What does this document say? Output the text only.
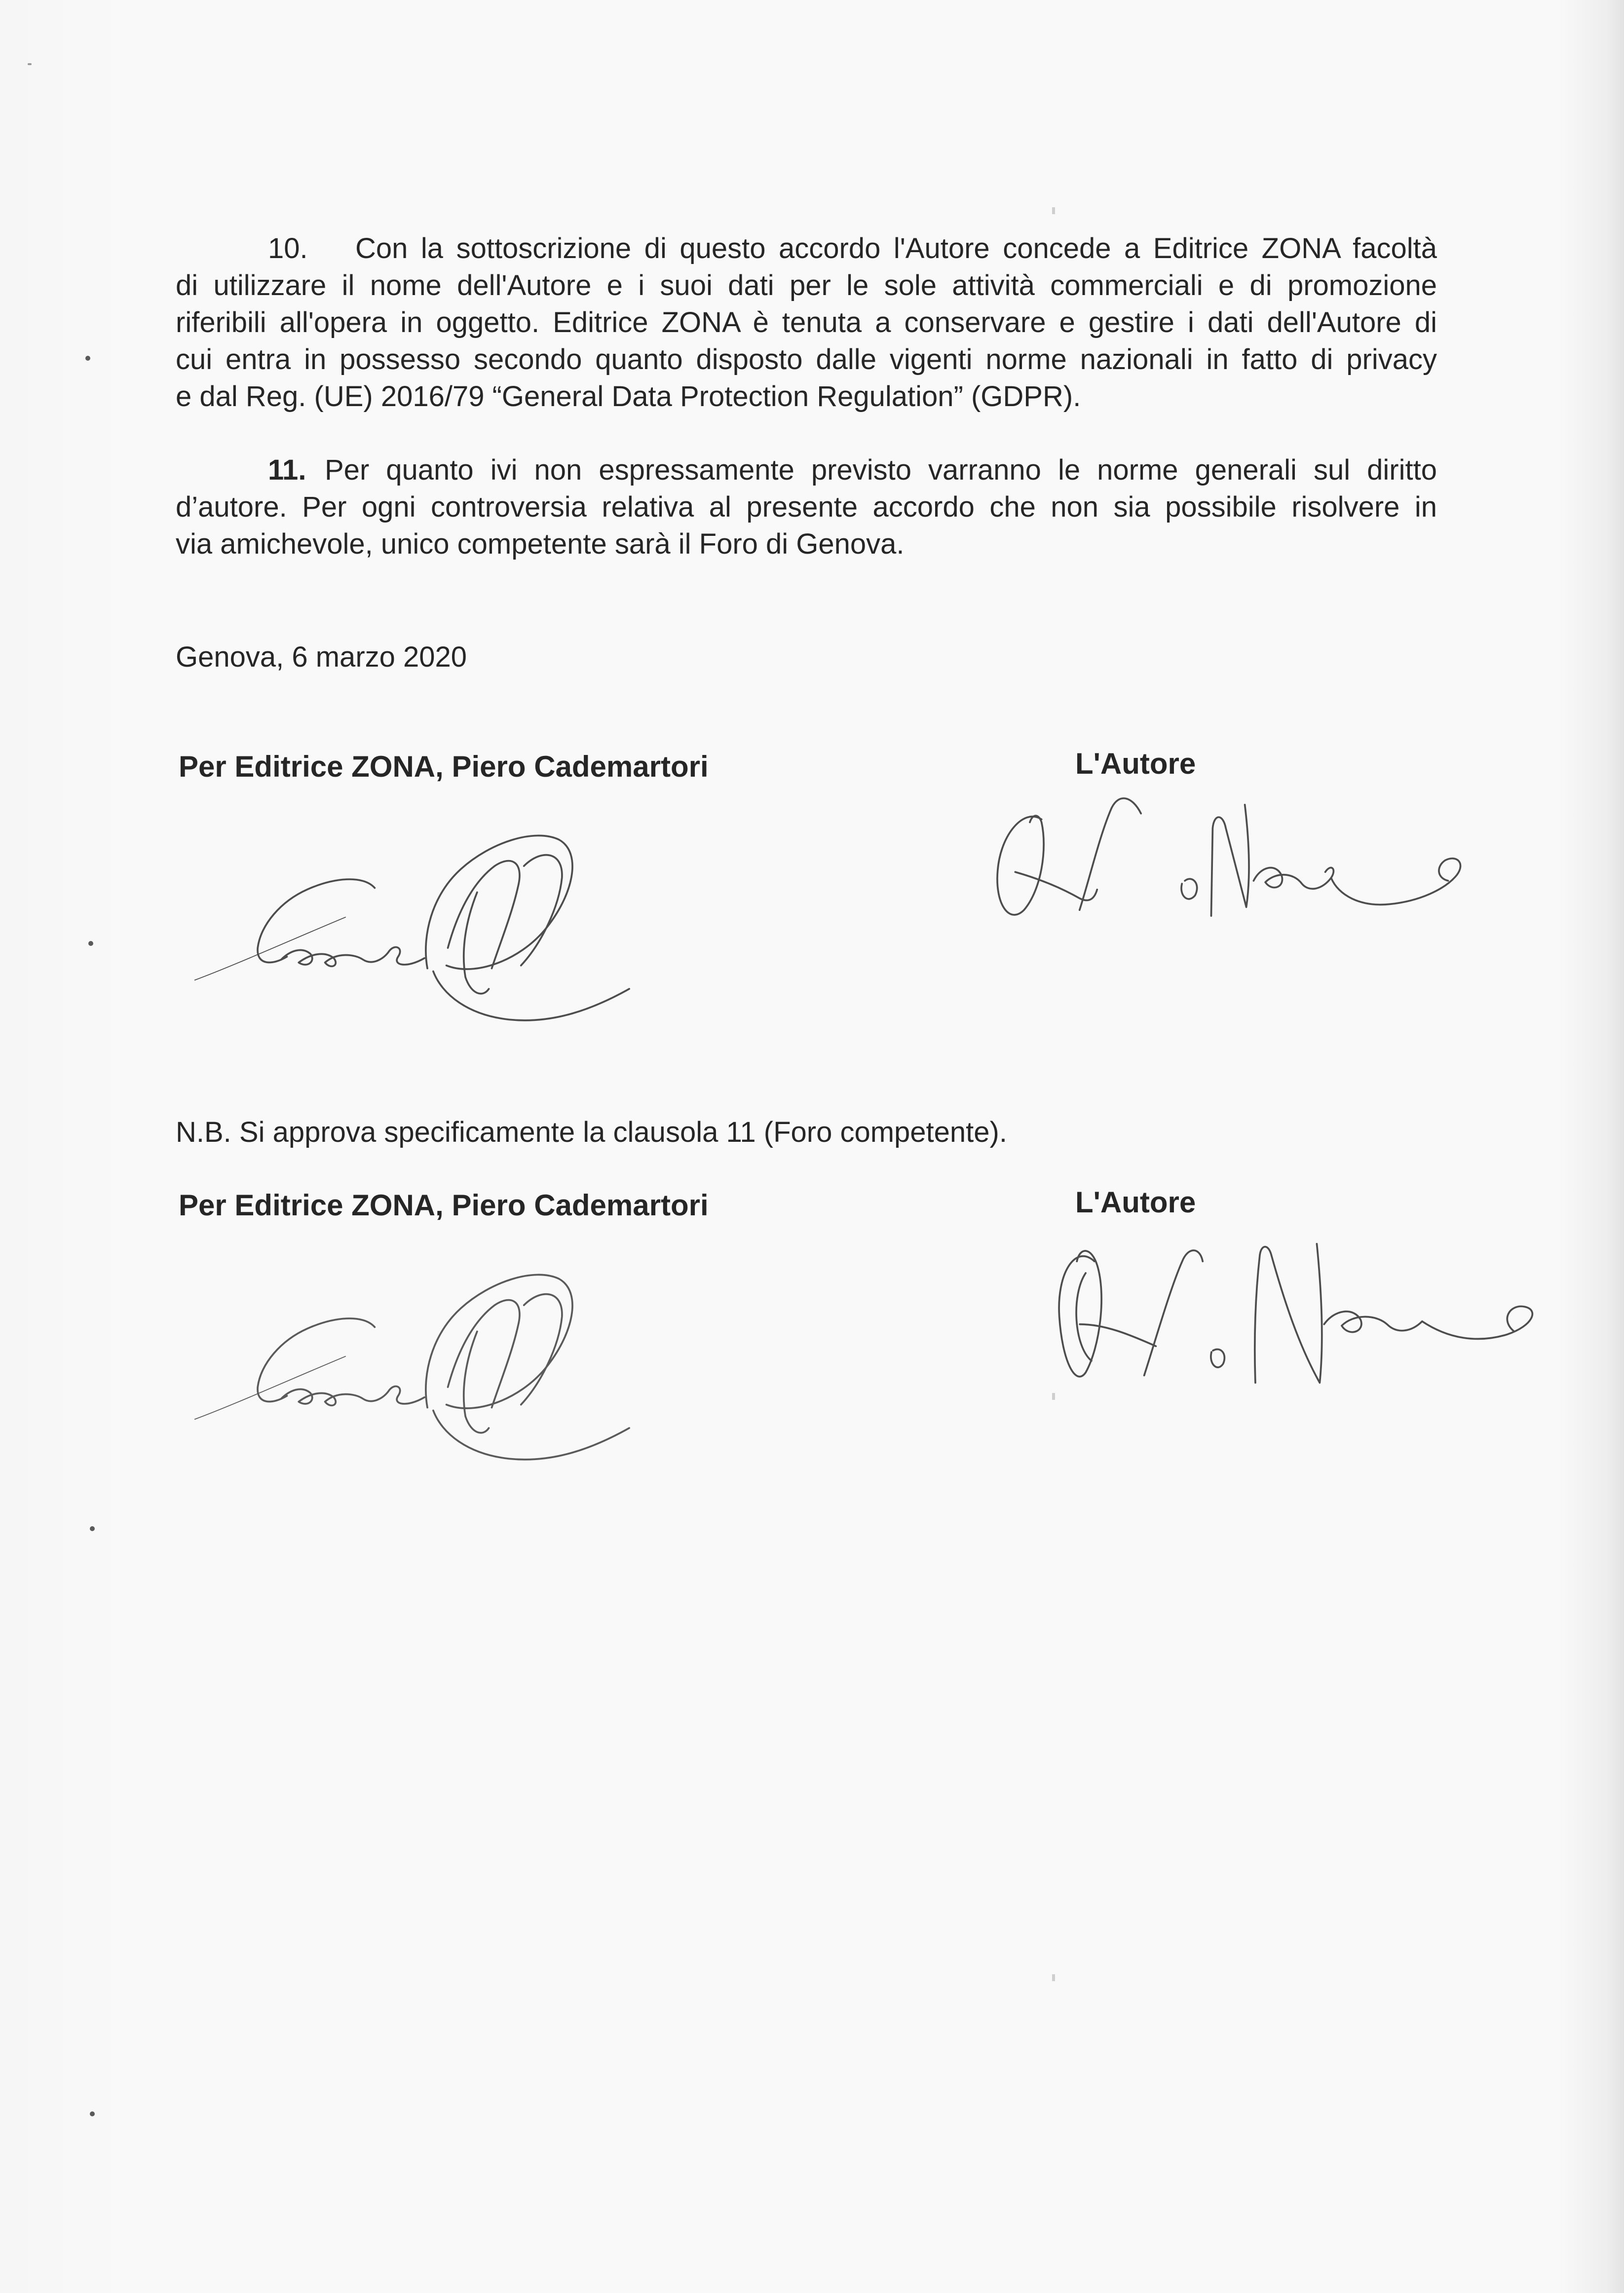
10.	Con la sottoscrizione di questo accordo l'Autore concede a Editrice ZONA facoltà
di utilizzare il nome dell'Autore e i suoi dati per le sole attività commerciali e di promozione
riferibili all'opera in oggetto. Editrice ZONA è tenuta a conservare e gestire i dati dell'Autore di
cui entra in possesso secondo quanto disposto dalle vigenti norme nazionali in fatto di privacy
e dal Reg. (UE) 2016/79 “General Data Protection Regulation” (GDPR).
11. Per quanto ivi non espressamente previsto varranno le norme generali sul diritto
d’autore. Per ogni controversia relativa al presente accordo che non sia possibile risolvere in
via amichevole, unico competente sarà il Foro di Genova.
Genova, 6 marzo 2020
Per Editrice ZONA, Piero Cademartori	L'Autore
N.B. Si approva specificamente la clausola 11 (Foro competente).
Per Editrice ZONA, Piero Cademartori	L'Autore
